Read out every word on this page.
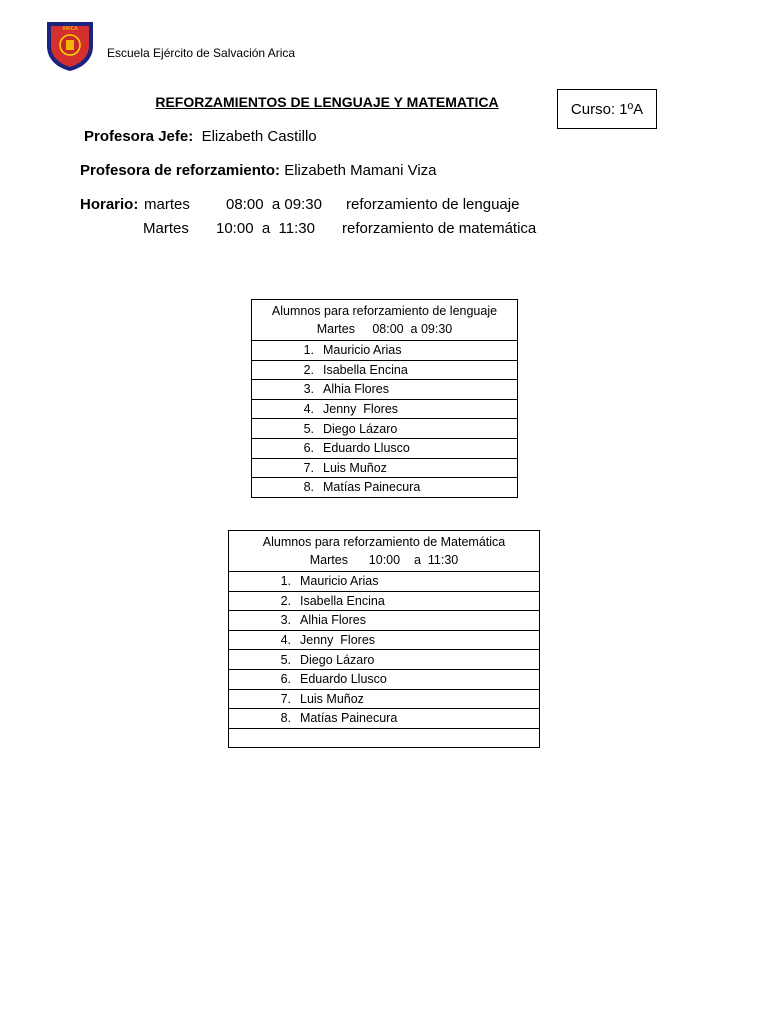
ARICA
Escuela Ejército de Salvación Arica
REFORZAMIENTOS DE LENGUAJE Y MATEMATICA	Curso: 1ºA
Profesora Jefe: Elizabeth Castillo
Profesora de reforzamiento: Elizabeth Mamani Viza
Horario: martes 08:00  a 09:30 reforzamiento de lenguaje
Martes 10:00  a  11:30 reforzamiento de matemática
Alumnos para reforzamiento de lenguaje
Martes     08:00  a 09:30

1. Mauricio Arias

2. Isabella Encina

3. Alhia Flores

4. Jenny  Flores

5. Diego Lázaro

6. Eduardo Llusco

7. Luis Muñoz

8. Matías Painecura
Alumnos para reforzamiento de Matemática
Martes      10:00    a  11:30

1. Mauricio Arias

2. Isabella Encina

3. Alhia Flores

4. Jenny  Flores

5. Diego Lázaro

6. Eduardo Llusco

7. Luis Muñoz

8. Matías Painecura
